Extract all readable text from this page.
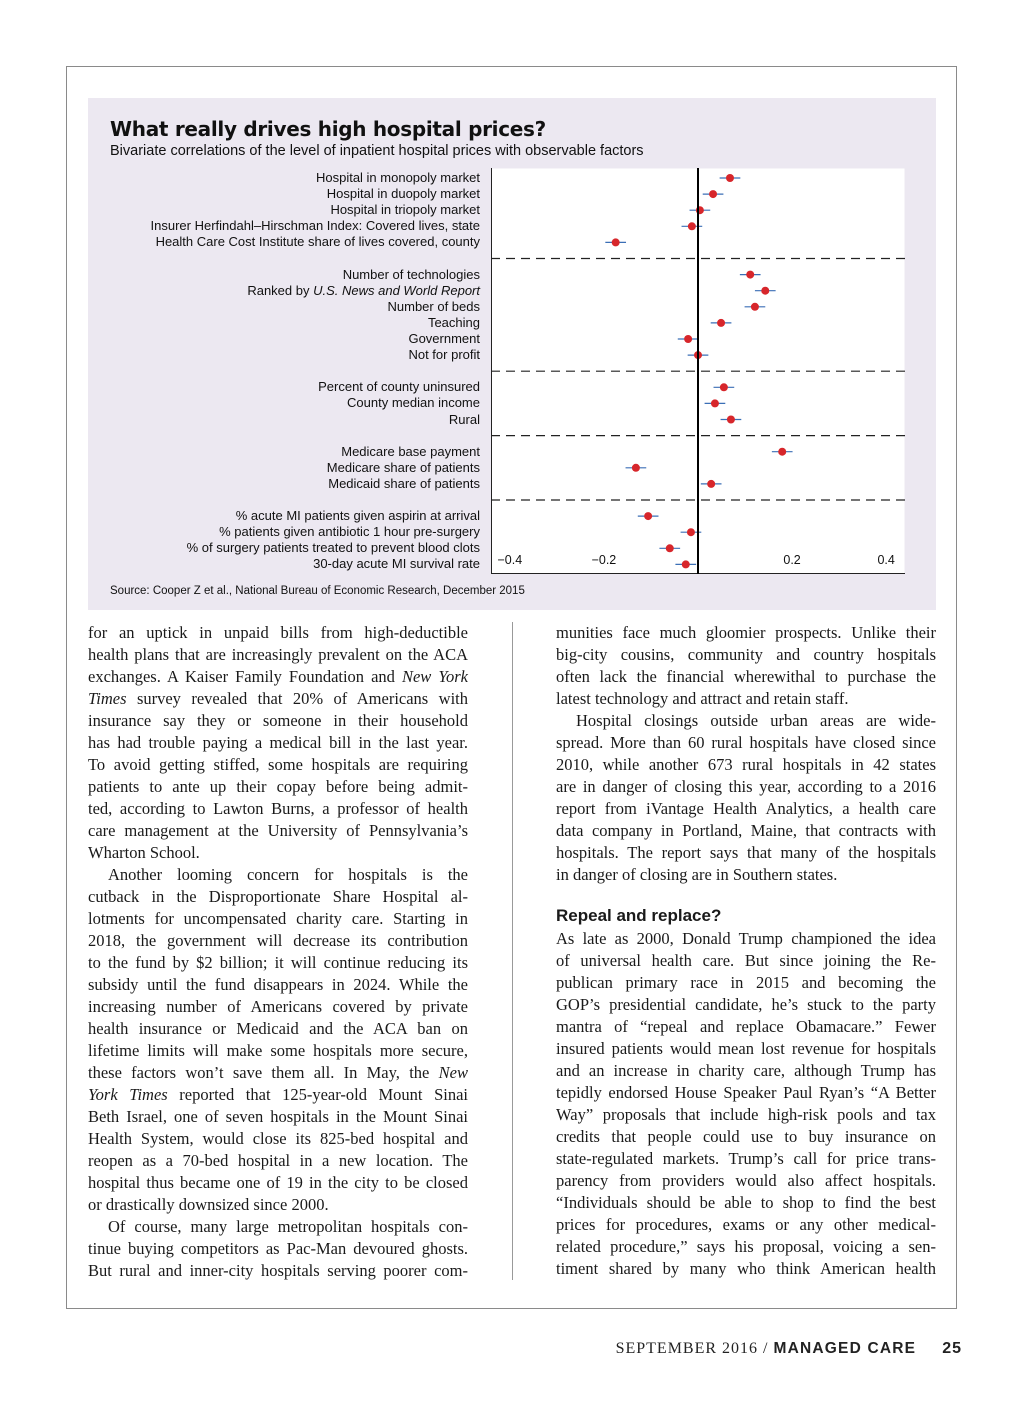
What really drives high hospital prices?
Bivariate correlations of the level of inpatient hospital prices with observable factors
Hospital in monopoly market
Hospital in duopoly market
Hospital in triopoly market
Insurer Herfindahl–Hirschman Index: Covered lives, state
Health Care Cost Institute share of lives covered, county
Number of technologies
Ranked by U.S. News and World Report
Number of beds
Teaching
Government
Not for profit
Percent of county uninsured
County median income
Rural
Medicare base payment
Medicare share of patients
Medicaid share of patients
% acute MI patients given aspirin at arrival
% patients given antibiotic 1 hour pre-surgery
% of surgery patients treated to prevent blood clots
30-day acute MI survival rate −0.4	−0.2	0.2	0.4
Source: Cooper Z et al., National Bureau of Economic Research, December 2015
for an uptick in unpaid bills from high-deductible
health plans that are increasingly prevalent on the ACA
exchanges. A Kaiser Family Foundation and New York
Times survey revealed that 20% of Americans with
insurance say they or someone in their household
has had trouble paying a medical bill in the last year.
To avoid getting stiffed, some hospitals are requiring
patients to ante up their copay before being admit-
ted, according to Lawton Burns, a professor of health
care management at the University of Pennsylvania’s
Wharton School.
Another looming concern for hospitals is the
cutback in the Disproportionate Share Hospital al-
lotments for uncompensated charity care. Starting in
2018, the government will decrease its contribution
to the fund by $2 billion; it will continue reducing its
subsidy until the fund disappears in 2024. While the
increasing number of Americans covered by private
health insurance or Medicaid and the ACA ban on
lifetime limits will make some hospitals more secure,
these factors won’t save them all. In May, the New
York Times reported that 125-year-old Mount Sinai
Beth Israel, one of seven hospitals in the Mount Sinai
Health System, would close its 825-bed hospital and
reopen as a 70-bed hospital in a new location. The
hospital thus became one of 19 in the city to be closed
or drastically downsized since 2000.
Of course, many large metropolitan hospitals con-
tinue buying competitors as Pac-Man devoured ghosts.
But rural and inner-city hospitals serving poorer com-
munities face much gloomier prospects. Unlike their
big-city cousins, community and country hospitals
often lack the financial wherewithal to purchase the
latest technology and attract and retain staff.
Hospital closings outside urban areas are wide-
spread. More than 60 rural hospitals have closed since
2010, while another 673 rural hospitals in 42 states
are in danger of closing this year, according to a 2016
report from iVantage Health Analytics, a health care
data company in Portland, Maine, that contracts with
hospitals. The report says that many of the hospitals
in danger of closing are in Southern states.
Repeal and replace?
As late as 2000, Donald Trump championed the idea
of universal health care. But since joining the Re-
publican primary race in 2015 and becoming the
GOP’s presidential candidate, he’s stuck to the party
mantra of “repeal and replace Obamacare.” Fewer
insured patients would mean lost revenue for hospitals
and an increase in charity care, although Trump has
tepidly endorsed House Speaker Paul Ryan’s “A Better
Way” proposals that include high-risk pools and tax
credits that people could use to buy insurance on
state-regulated markets. Trump’s call for price trans-
parency from providers would also affect hospitals.
“Individuals should be able to shop to find the best
prices for procedures, exams or any other medical-
related procedure,” says his proposal, voicing a sen-
timent shared by many who think American health
SEPTEMBER 2016 / MANAGED CARE 25
